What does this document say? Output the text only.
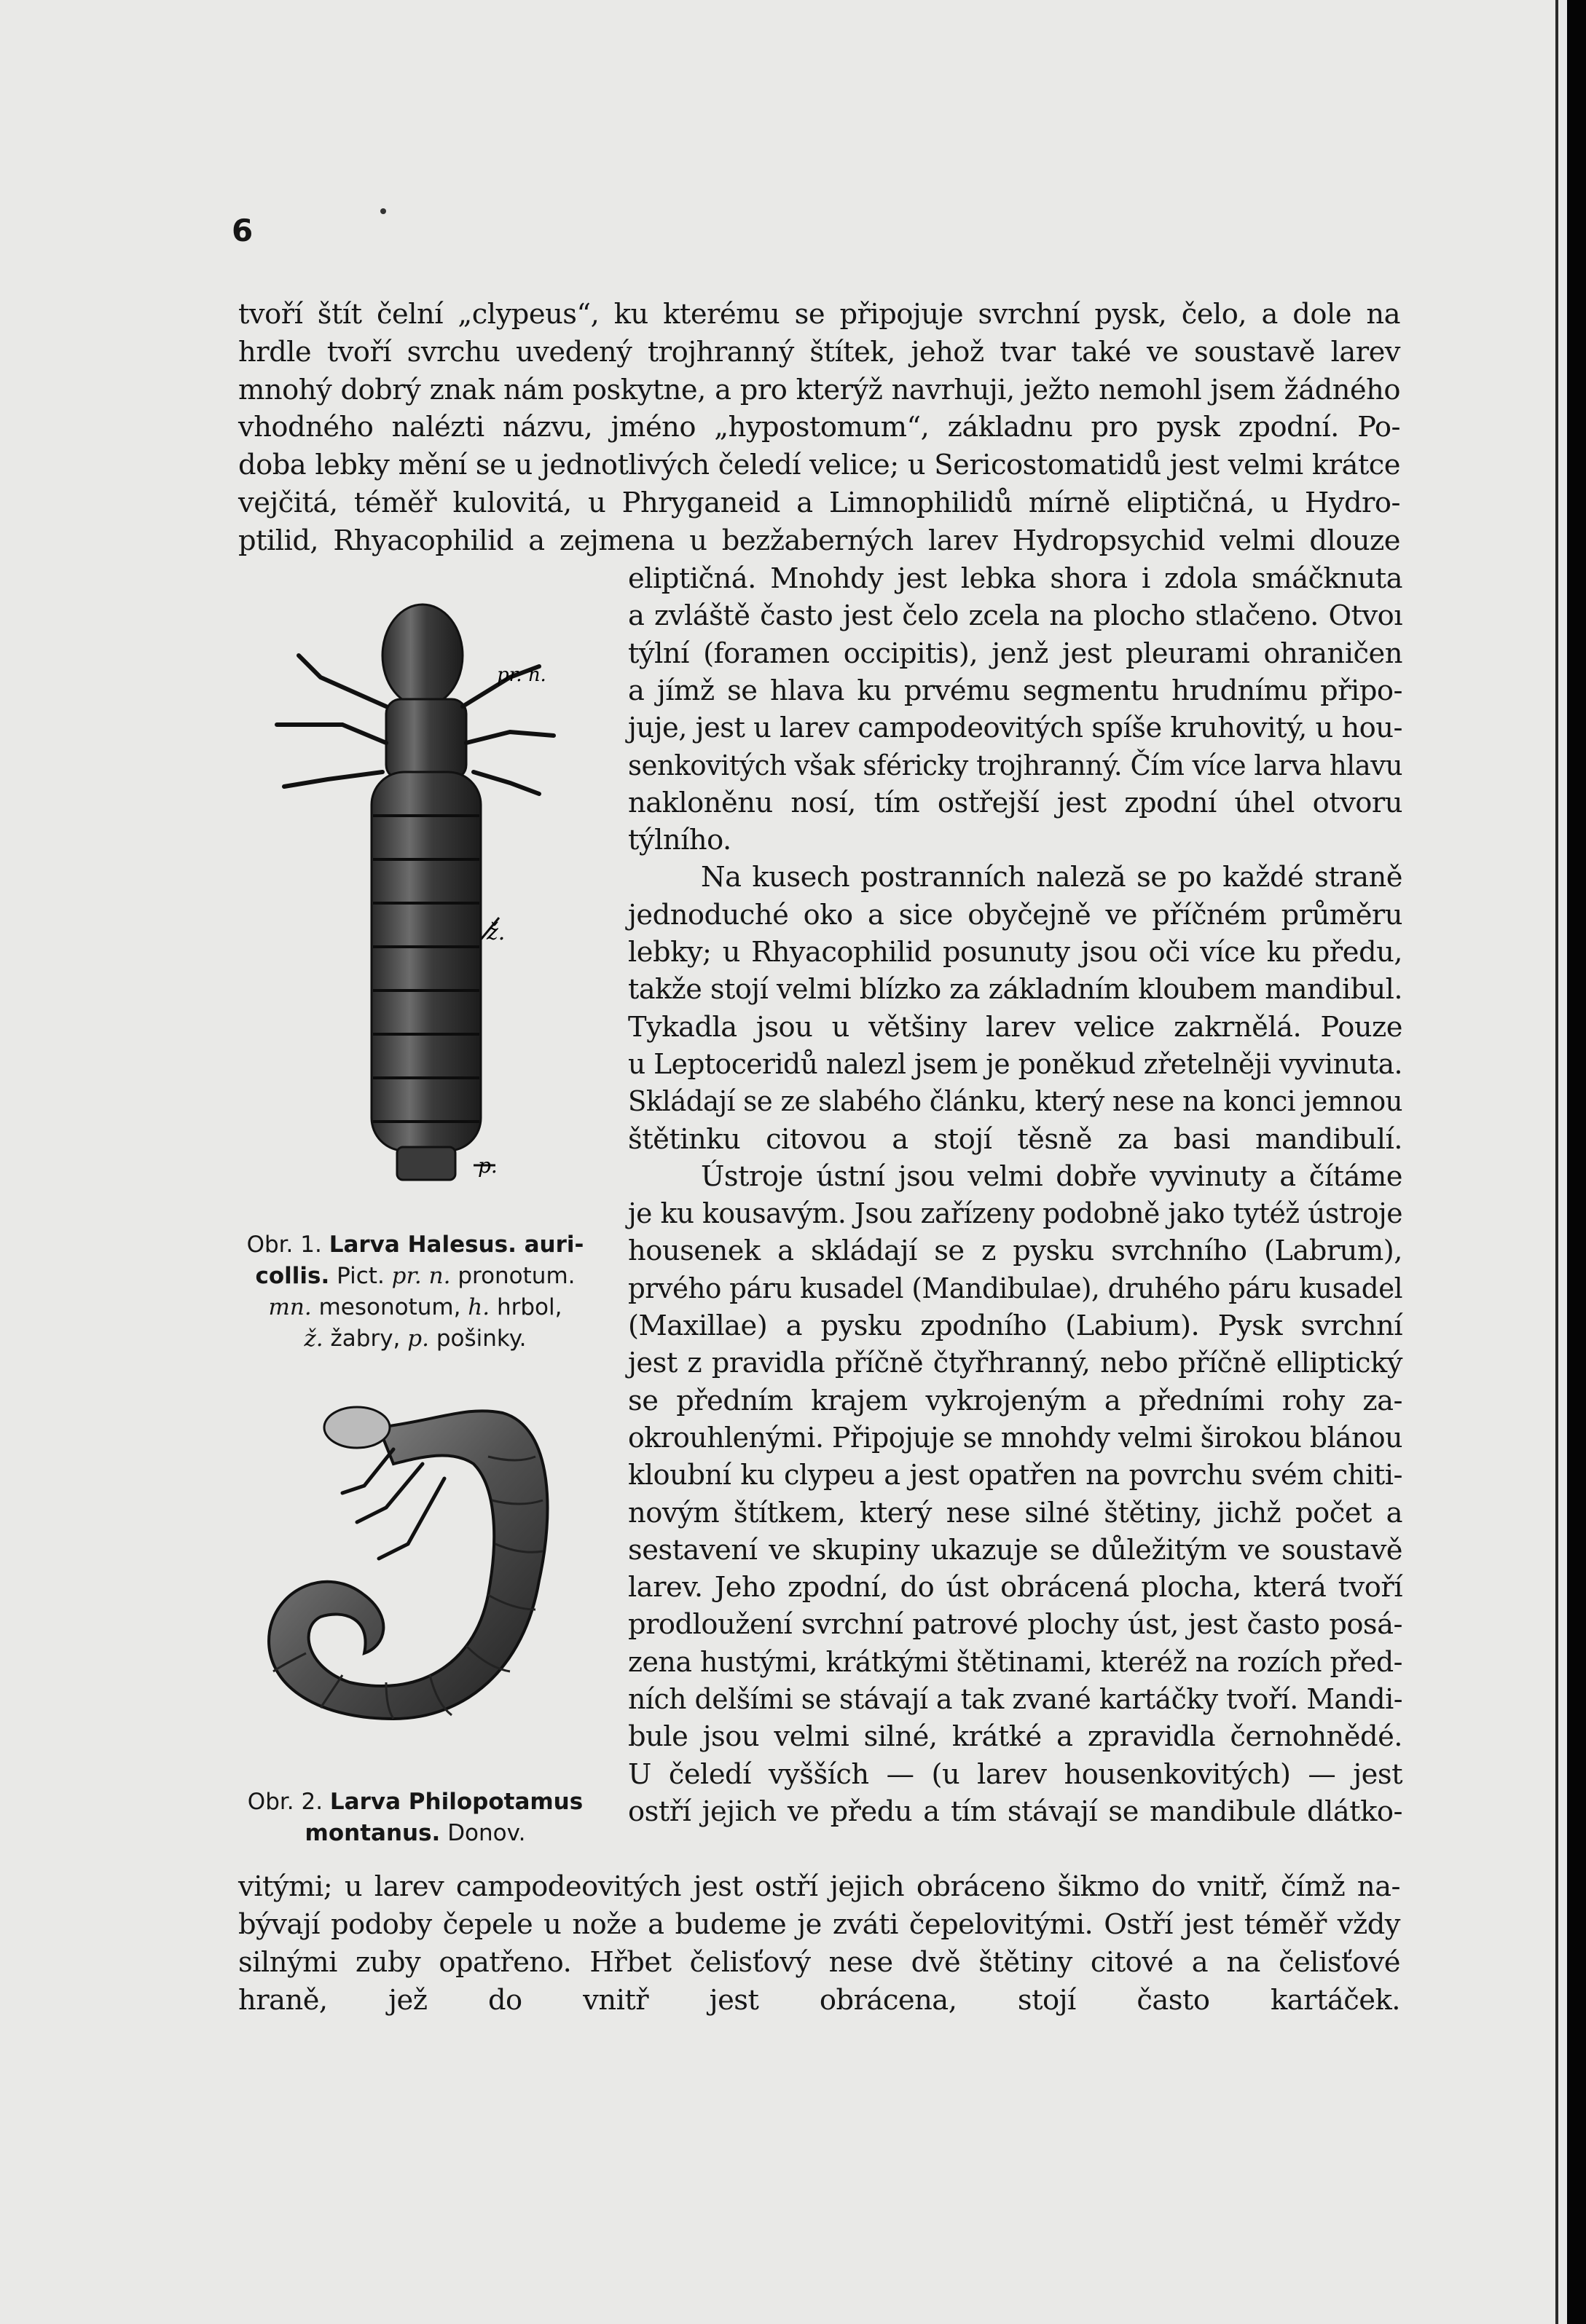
6
tvoří štít čelní „clypeus“, ku kterému se připojuje svrchní pysk, čelo, a dole na
hrdle tvoří svrchu uvedený trojhranný štítek, jehož tvar také ve soustavě larev
mnohý dobrý znak nám poskytne, a pro kterýž navrhuji, ježto nemohl jsem žádného
vhodného nalézti názvu, jméno „hypostomum“, základnu pro pysk zpodní. Po-
doba lebky mění se u jednotlivých čeledí velice; u Sericostomatidů jest velmi krátce
vejčitá, téměř kulovitá, u Phryganeid a Limnophilidů mírně eliptičná, u Hydro-
ptilid, Rhyacophilid a zejmena u bezžaberných larev Hydropsychid velmi dlouze
eliptičná. Mnohdy jest lebka shora i zdola smáčknuta
a zvláště často jest čelo zcela na plocho stlačeno. Otvoı
týlní (foramen occipitis), jenž jest pleurami ohraničen
a jímž se hlava ku prvému segmentu hrudnímu připo-
juje, jest u larev campodeovitých spíše kruhovitý, u hou-
senkovitých však sféricky trojhranný. Čím více larva hlavu
nakloněnu nosí, tím ostřejší jest zpodní úhel otvoru
týlního.
Na kusech postranních naleză se po každé straně
jednoduché oko a sice obyčejně ve příčném průměru
lebky; u Rhyacophilid posunuty jsou oči více ku předu,
takže stojí velmi blízko za základním kloubem mandibul.
Tykadla jsou u většiny larev velice zakrnělá. Pouze
u Leptoceridů nalezl jsem je poněkud zřetelněji vyvinuta.
Skládají se ze slabého článku, který nese na konci jemnou
štětinku citovou a stojí těsně za basi mandibulí.
Ústroje ústní jsou velmi dobře vyvinuty a čítáme
je ku kousavým. Jsou zařízeny podobně jako tytéž ústroje
housenek a skládají se z pysku svrchního (Labrum),
prvého páru kusadel (Mandibulae), druhého páru kusadel
(Maxillae) a pysku zpodního (Labium). Pysk svrchní
jest z pravidla příčně čtyřhranný, nebo příčně elliptický
se předním krajem vykrojeným a předními rohy za-
okrouhlenými. Připojuje se mnohdy velmi širokou blánou
kloubní ku clypeu a jest opatřen na povrchu svém chiti-
novým štítkem, který nese silné štětiny, jichž počet a
sestavení ve skupiny ukazuje se důležitým ve soustavě
larev. Jeho zpodní, do úst obrácená plocha, která tvoří
prodloužení svrchní patrové plochy úst, jest často posá-
zena hustými, krátkými štětinami, kteréž na rozích před-
ních delšími se stávají a tak zvané kartáčky tvoří. Mandi-
bule jsou velmi silné, krátké a zpravidla černohnědé.
U čeledí vyšších — (u larev housenkovitých) — jest
ostří jejich ve předu a tím stávají se mandibule dlátko-
vitými; u larev campodeovitých jest ostří jejich obráceno šikmo do vnitř, čímž na-
bývají podoby čepele u nože a budeme je zváti čepelovitými. Ostří jest téměř vždy
silnými zuby opatřeno. Hřbet čelisťový nese dvě štětiny citové a na čelisťové
hraně, jež do vnitř jest obrácena, stojí často kartáček.
pr. n.
ž.
p.
Obr. 1. Larva Halesus. auri-
collis. Pict. pr. n. pronotum.
mn. mesonotum, h. hrbol,
ž. žabry, p. pošinky.
Obr. 2. Larva Philopotamus
montanus. Donov.
